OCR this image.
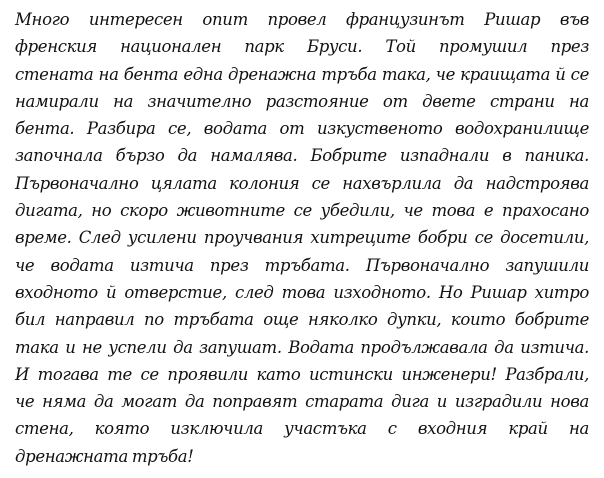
Много интересен опит провел французинът Ришар във
френския национален парк Бруси. Той промушил през
стената на бента една дренажна тръба така, че краищата й се
намирали на значително разстояние от двете страни на
бента. Разбира се, водата от изкуственото водохранилище
започнала бързо да намалява. Бобрите изпаднали в паника.
Първоначално цялата колония се нахвърлила да надстроява
дигата, но скоро животните се убедили, че това е прахосано
време. След усилени проучвания хитреците бобри се досетили,
че водата изтича през тръбата. Първоначално запушили
входното й отверстие, след това изходното. Но Ришар хитро
бил направил по тръбата още няколко дупки, които бобрите
така и не успели да запушат. Водата продължавала да изтича.
И тогава те се проявили като истински инженери! Разбрали,
че няма да могат да поправят старата дига и изградили нова
стена, която изключила участъка с входния край на
дренажната тръба!
